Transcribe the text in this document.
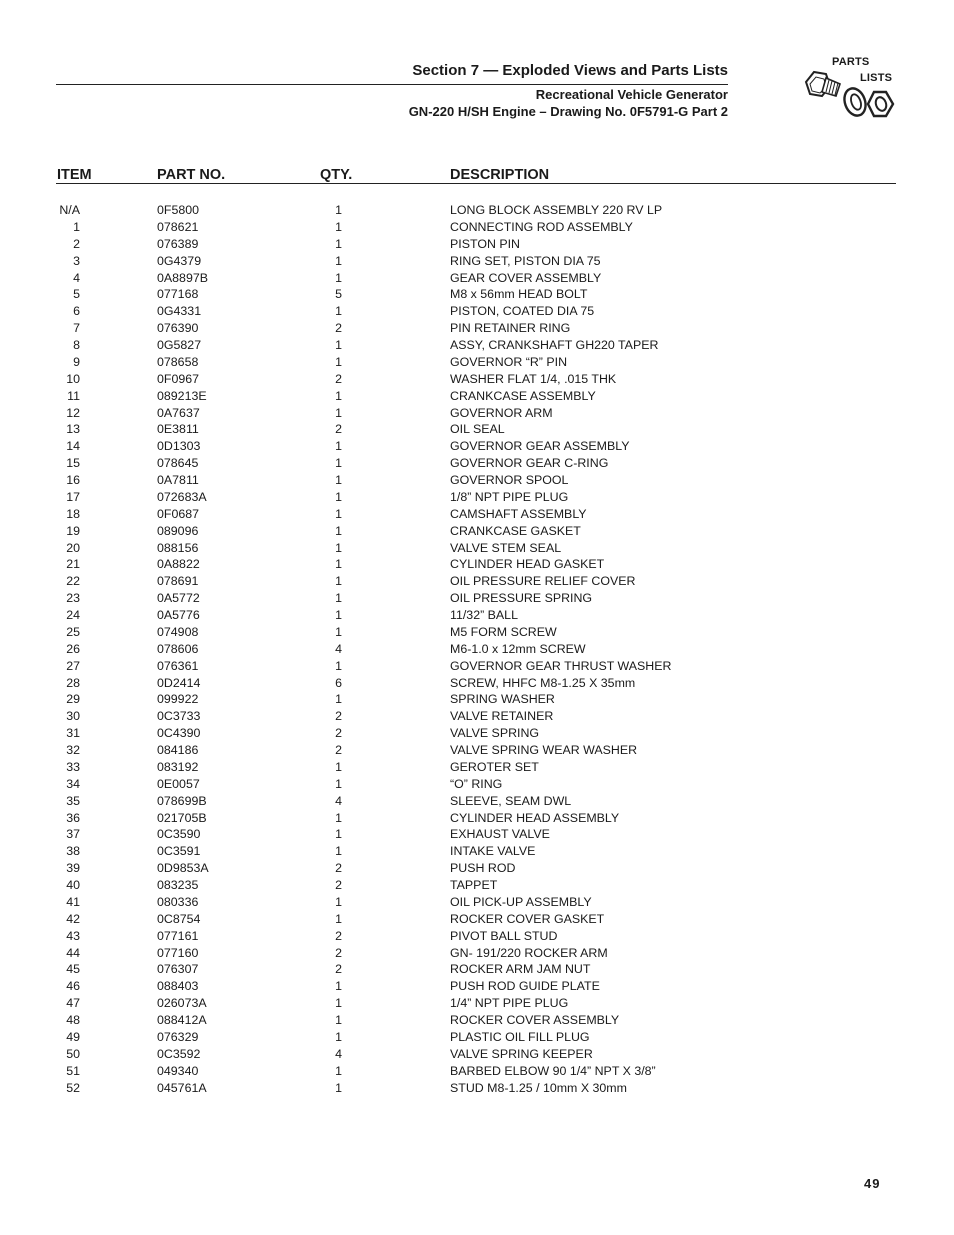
Section 7 — Exploded Views and Parts Lists
Recreational Vehicle Generator
GN-220 H/SH Engine – Drawing No. 0F5791-G Part 2
PARTS
LISTS
ITEM	PART NO.	QTY.	DESCRIPTION
N/A	0F5800	1	LONG BLOCK ASSEMBLY 220 RV LP
1	078621	1	CONNECTING ROD ASSEMBLY
2	076389	1	PISTON PIN
3	0G4379	1	RING SET, PISTON DIA 75
4	0A8897B	1	GEAR COVER ASSEMBLY
5	077168	5	M8 x 56mm HEAD BOLT
6	0G4331	1	PISTON, COATED DIA 75
7	076390	2	PIN RETAINER RING
8	0G5827	1	ASSY, CRANKSHAFT GH220 TAPER
9	078658	1	GOVERNOR “R” PIN
10	0F0967	2	WASHER FLAT 1/4, .015 THK
11	089213E	1	CRANKCASE ASSEMBLY
12	0A7637	1	GOVERNOR ARM
13	0E3811	2	OIL SEAL
14	0D1303	1	GOVERNOR GEAR ASSEMBLY
15	078645	1	GOVERNOR GEAR C-RING
16	0A7811	1	GOVERNOR SPOOL
17	072683A	1	1/8” NPT PIPE PLUG
18	0F0687	1	CAMSHAFT ASSEMBLY
19	089096	1	CRANKCASE GASKET
20	088156	1	VALVE STEM SEAL
21	0A8822	1	CYLINDER HEAD GASKET
22	078691	1	OIL PRESSURE RELIEF COVER
23	0A5772	1	OIL PRESSURE SPRING
24	0A5776	1	11/32” BALL
25	074908	1	M5 FORM SCREW
26	078606	4	M6-1.0 x 12mm SCREW
27	076361	1	GOVERNOR GEAR THRUST WASHER
28	0D2414	6	SCREW, HHFC M8-1.25 X 35mm
29	099922	1	SPRING WASHER
30	0C3733	2	VALVE RETAINER
31	0C4390	2	VALVE SPRING
32	084186	2	VALVE SPRING WEAR WASHER
33	083192	1	GEROTER SET
34	0E0057	1	“O” RING
35	078699B	4	SLEEVE, SEAM DWL
36	021705B	1	CYLINDER HEAD ASSEMBLY
37	0C3590	1	EXHAUST VALVE
38	0C3591	1	INTAKE VALVE
39	0D9853A	2	PUSH ROD
40	083235	2	TAPPET
41	080336	1	OIL PICK-UP ASSEMBLY
42	0C8754	1	ROCKER COVER GASKET
43	077161	2	PIVOT BALL STUD
44	077160	2	GN- 191/220 ROCKER ARM
45	076307	2	ROCKER ARM JAM NUT
46	088403	1	PUSH ROD GUIDE PLATE
47	026073A	1	1/4” NPT PIPE PLUG
48	088412A	1	ROCKER COVER ASSEMBLY
49	076329	1	PLASTIC OIL FILL PLUG
50	0C3592	4	VALVE SPRING KEEPER
51	049340	1	BARBED ELBOW 90 1/4” NPT X 3/8”
52	045761A	1	STUD M8-1.25 / 10mm X 30mm
49
